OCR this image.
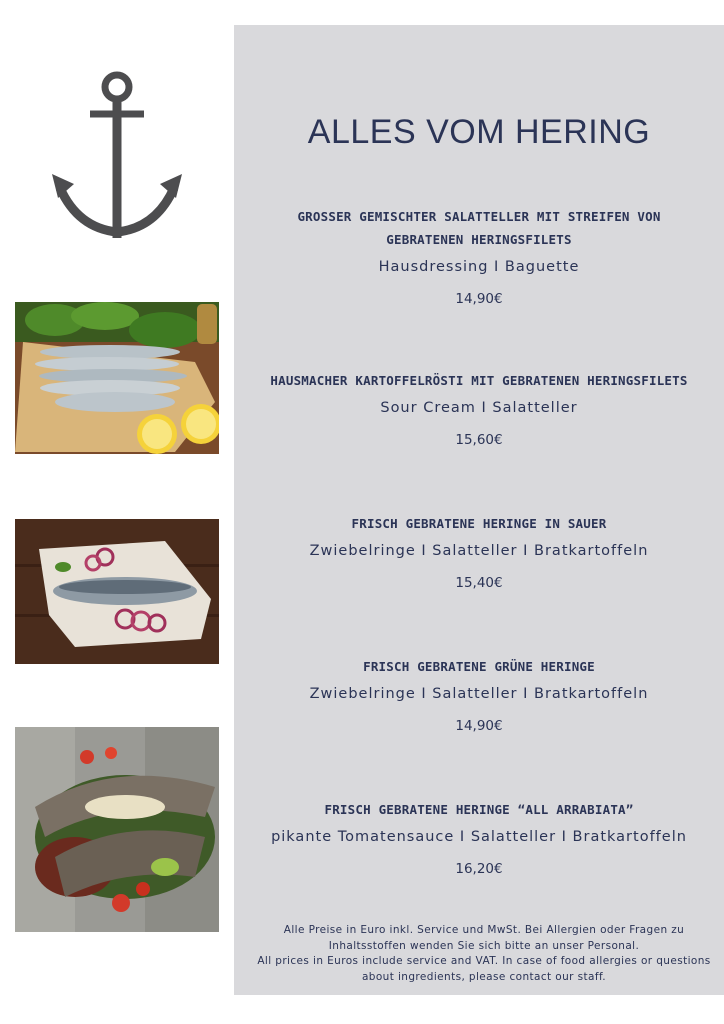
ALLES VOM HERING
GROSSER GEMISCHTER SALATTELLER MIT STREIFEN VON GEBRATENEN HERINGSFILETS
Hausdressing I Baguette
14,90€
HAUSMACHER KARTOFFELRÖSTI MIT GEBRATENEN HERINGSFILETS
Sour Cream I Salatteller
15,60€
FRISCH GEBRATENE HERINGE IN SAUER
Zwiebelringe I Salatteller I Bratkartoffeln
15,40€
FRISCH GEBRATENE GRÜNE HERINGE
Zwiebelringe I Salatteller I Bratkartoffeln
14,90€
FRISCH GEBRATENE HERINGE “ALL ARRABIATA”
pikante Tomatensauce I Salatteller I Bratkartoffeln
16,20€

Alle Preise in Euro inkl. Service und MwSt. Bei Allergien oder Fragen zu Inhaltsstoffen wenden Sie sich bitte an unser Personal.

All prices in Euros include service and VAT. In case of food allergies or questions about ingredients, please contact our staff.
